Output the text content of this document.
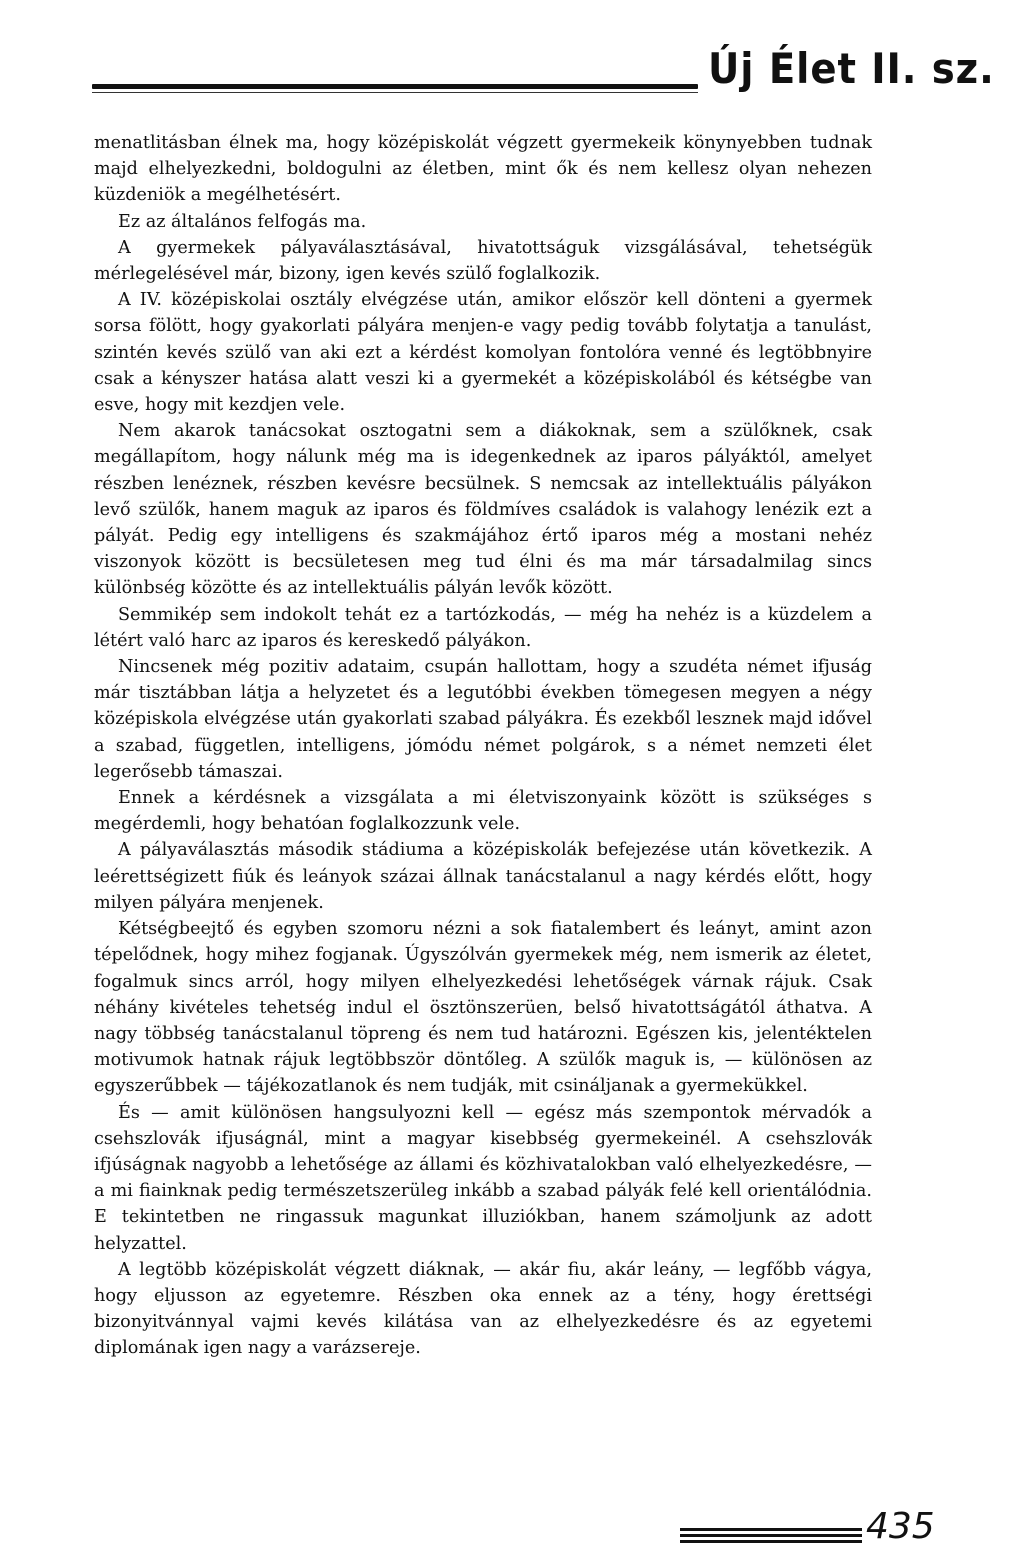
Új Élet II. sz.

menatlitásban élnek ma, hogy középiskolát végzett gyermekeik könynyebben tudnak majd elhelyezkedni, boldogulni az életben, mint ők és nem kellesz olyan nehezen küzdeniök a megélhetésért.

Ez az általános felfogás ma.

A gyermekek pályaválasztásával, hivatottságuk vizsgálásával, tehetségük mérlegelésével már, bizony, igen kevés szülő foglalkozik.

A IV. középiskolai osztály elvégzése után, amikor először kell dönteni a gyermek sorsa fölött, hogy gyakorlati pályára menjen-e vagy pedig tovább folytatja a tanulást, szintén kevés szülő van aki ezt a kérdést komolyan fontolóra venné és legtöbbnyire csak a kényszer hatása alatt veszi ki a gyermekét a középiskolából és kétségbe van esve, hogy mit kezdjen vele.

Nem akarok tanácsokat osztogatni sem a diákoknak, sem a szülőknek, csak megállapítom, hogy nálunk még ma is idegenkednek az iparos pályáktól, amelyet részben lenéznek, részben kevésre becsülnek. S nemcsak az intellektuális pályákon levő szülők, hanem maguk az iparos és földmíves családok is valahogy lenézik ezt a pályát. Pedig egy intelligens és szakmájához értő iparos még a mostani nehéz viszonyok között is becsületesen meg tud élni és ma már társadalmilag sincs különbség közötte és az intellektuális pályán levők között.

Semmikép sem indokolt tehát ez a tartózkodás, — még ha nehéz is a küzdelem a létért való harc az iparos és kereskedő pályákon.

Nincsenek még pozitiv adataim, csupán hallottam, hogy a szudéta német ifjuság már tisztábban látja a helyzetet és a legutóbbi években tömegesen megyen a négy középiskola elvégzése után gyakorlati szabad pályákra. És ezekből lesznek majd idővel a szabad, független, intelligens, jómódu német polgárok, s a német nemzeti élet legerősebb támaszai.

Ennek a kérdésnek a vizsgálata a mi életviszonyaink között is szükséges s megérdemli, hogy behatóan foglalkozzunk vele.

A pályaválasztás második stádiuma a középiskolák befejezése után következik. A leérettségizett fiúk és leányok százai állnak tanácstalanul a nagy kérdés előtt, hogy milyen pályára menjenek.

Kétségbeejtő és egyben szomoru nézni a sok fiatalembert és leányt, amint azon tépelődnek, hogy mihez fogjanak. Úgyszólván gyermekek még, nem ismerik az életet, fogalmuk sincs arról, hogy milyen elhelyezkedési lehetőségek várnak rájuk. Csak néhány kivételes tehetség indul el ösztönszerüen, belső hivatottságától áthatva. A nagy többség tanácstalanul töpreng és nem tud határozni. Egészen kis, jelentéktelen motivumok hatnak rájuk legtöbbször döntőleg. A szülők maguk is, — különösen az egyszerűbbek — tájékozatlanok és nem tudják, mit csináljanak a gyermekükkel.

És — amit különösen hangsulyozni kell — egész más szempontok mérvadók a csehszlovák ifjuságnál, mint a magyar kisebbség gyermekeinél. A csehszlovák ifjúságnak nagyobb a lehetősége az állami és közhivatalokban való elhelyezkedésre, — a mi fiainknak pedig természetszerüleg inkább a szabad pályák felé kell orientálódnia. E tekintetben ne ringassuk magunkat illuziókban, hanem számoljunk az adott helyzattel.

A legtöbb középiskolát végzett diáknak, — akár fiu, akár leány, — legfőbb vágya, hogy eljusson az egyetemre. Részben oka ennek az a tény, hogy érettségi bizonyitvánnyal vajmi kevés kilátása van az elhelyezkedésre és az egyetemi diplomának igen nagy a varázsereje.

435
